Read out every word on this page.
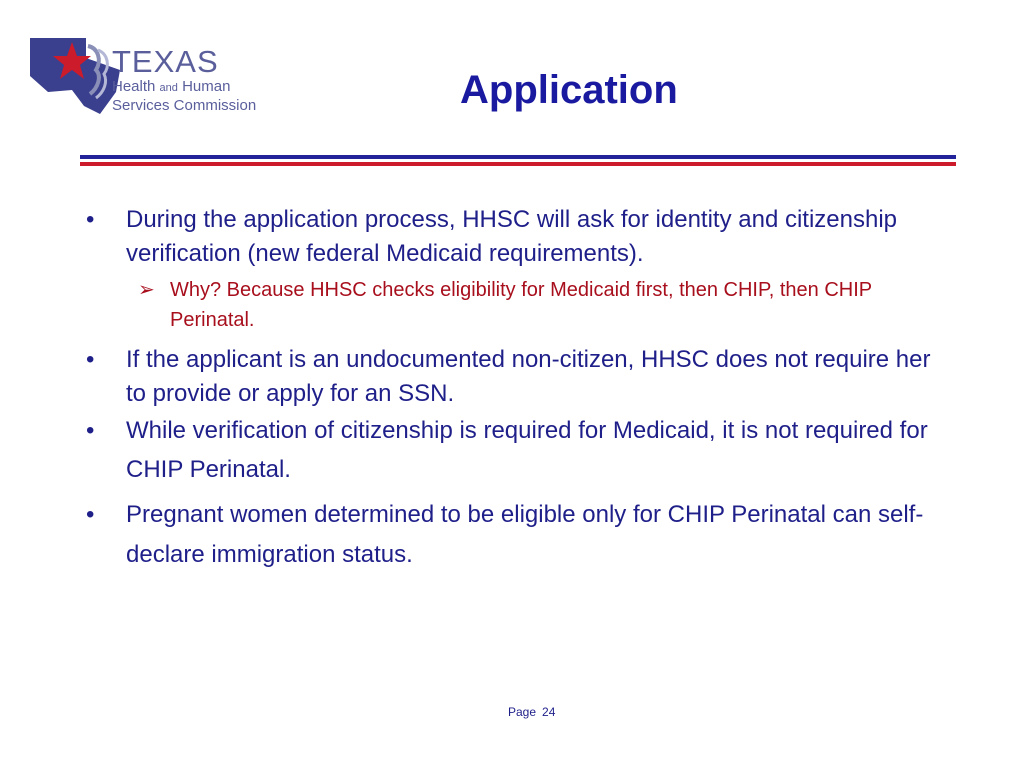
TEXAS
Health and Human
Services Commission	Application
•	During the application process, HHSC will ask for identity and citizenship verification (new federal Medicaid requirements).
➢ Why? Because HHSC checks eligibility for Medicaid first, then CHIP, then CHIP Perinatal.
•	If the applicant is an undocumented non-citizen, HHSC does not require her to provide or apply for an SSN.
•	While verification of citizenship is required for Medicaid, it is not required for CHIP Perinatal.
•	Pregnant women determined to be eligible only for CHIP Perinatal can self-declare immigration status.
Page 24
